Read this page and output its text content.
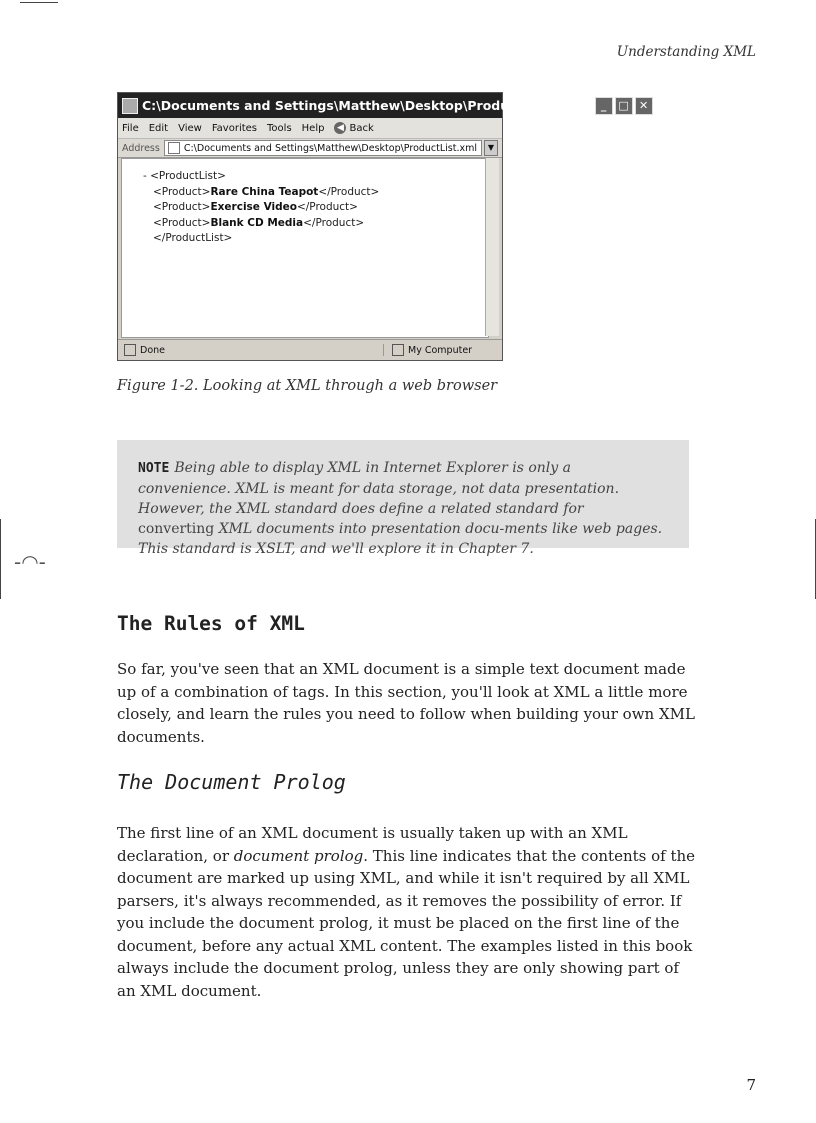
-◠-
Understanding XML
C:\Documents and Settings\Matthew\Desktop\ProductList.xml... _	□ ✕
File Edit View Favorites Tools Help ◀ Back
Address	C:\Documents and Settings\Matthew\Desktop\ProductList.xml	▼
- <ProductList>
<Product>Rare China Teapot</Product>
<Product>Exercise Video</Product>
<Product>Blank CD Media</Product>
</ProductList>
Done	My Computer
Figure 1-2. Looking at XML through a web browser
NOTE Being able to display XML in Internet Explorer is only a convenience. XML is meant for data storage, not data presentation. However, the XML standard does define a related standard for converting XML documents into presentation docu-ments like web pages. This standard is XSLT, and we'll explore it in Chapter 7.
The Rules of XML

So far, you've seen that an XML document is a simple text document made up of a combination of tags. In this section, you'll look at XML a little more closely, and learn the rules you need to follow when building your own XML documents.

The Document Prolog

The first line of an XML document is usually taken up with an XML declaration, or document prolog. This line indicates that the contents of the document are marked up using XML, and while it isn't required by all XML parsers, it's always recommended, as it removes the possibility of error. If you include the document prolog, it must be placed on the first line of the document, before any actual XML content. The examples listed in this book always include the document prolog, unless they are only showing part of an XML document.

7
